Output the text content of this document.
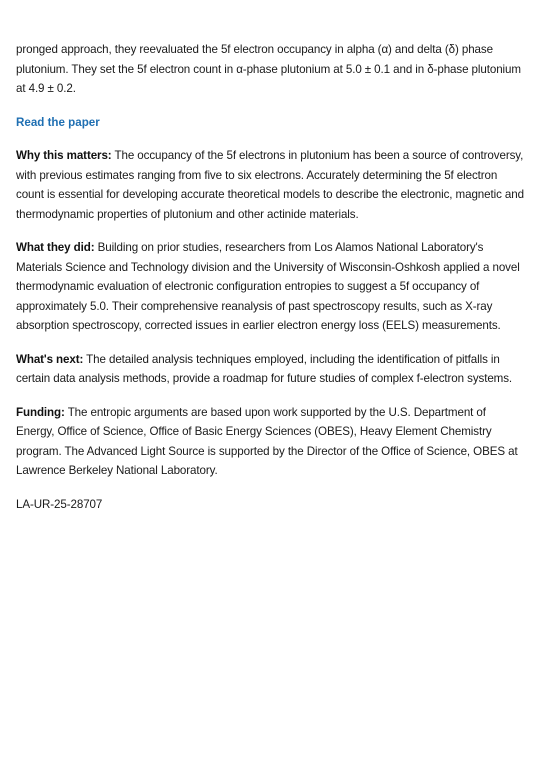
pronged approach, they reevaluated the 5f electron occupancy in alpha (α) and delta (δ) phase plutonium. They set the 5f electron count in α-phase plutonium at 5.0 ± 0.1 and in δ-phase plutonium at 4.9 ± 0.2.

Read the paper

Why this matters: The occupancy of the 5f electrons in plutonium has been a source of controversy, with previous estimates ranging from five to six electrons. Accurately determining the 5f electron count is essential for developing accurate theoretical models to describe the electronic, magnetic and thermodynamic properties of plutonium and other actinide materials.

What they did: Building on prior studies, researchers from Los Alamos National Laboratory's Materials Science and Technology division and the University of Wisconsin-Oshkosh applied a novel thermodynamic evaluation of electronic configuration entropies to suggest a 5f occupancy of approximately 5.0. Their comprehensive reanalysis of past spectroscopy results, such as X-ray absorption spectroscopy, corrected issues in earlier electron energy loss (EELS) measurements.

What's next: The detailed analysis techniques employed, including the identification of pitfalls in certain data analysis methods, provide a roadmap for future studies of complex f-electron systems.

Funding: The entropic arguments are based upon work supported by the U.S. Department of Energy, Office of Science, Office of Basic Energy Sciences (OBES), Heavy Element Chemistry program. The Advanced Light Source is supported by the Director of the Office of Science, OBES at Lawrence Berkeley National Laboratory.

LA-UR-25-28707
